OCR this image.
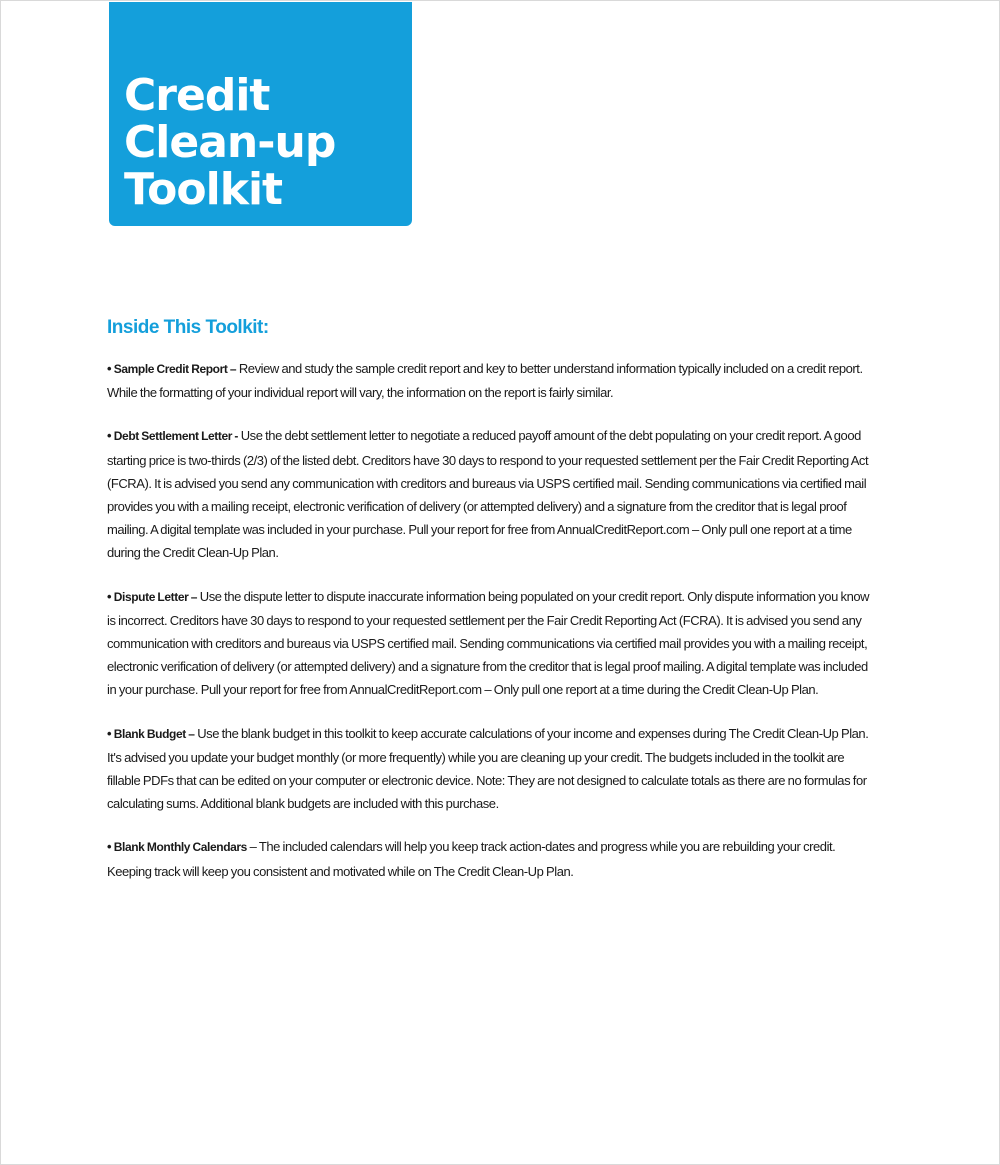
Credit
Clean-up
Toolkit
Inside This Toolkit:
• Sample Credit Report – Review and study the sample credit report and key to better understand information typically included on a credit report. While the formatting of your individual report will vary, the information on the report is fairly similar.
• Debt Settlement Letter - Use the debt settlement letter to negotiate a reduced payoff amount of the debt populating on your credit report. A good starting price is two-thirds (2/3) of the listed debt. Creditors have 30 days to respond to your requested settlement per the Fair Credit Reporting Act (FCRA). It is advised you send any communication with creditors and bureaus via USPS certified mail. Sending communications via certified mail provides you with a mailing receipt, electronic verification of delivery (or attempted delivery) and a signature from the creditor that is legal proof mailing. A digital template was included in your purchase. Pull your report for free from AnnualCreditReport.com – Only pull one report at a time during the Credit Clean-Up Plan.
• Dispute Letter – Use the dispute letter to dispute inaccurate information being populated on your credit report. Only dispute information you know is incorrect. Creditors have 30 days to respond to your requested settlement per the Fair Credit Reporting Act (FCRA). It is advised you send any communication with creditors and bureaus via USPS certified mail. Sending communications via certified mail provides you with a mailing receipt, electronic verification of delivery (or attempted delivery) and a signature from the creditor that is legal proof mailing. A digital template was included in your purchase. Pull your report for free from AnnualCreditReport.com – Only pull one report at a time during the Credit Clean-Up Plan.
• Blank Budget – Use the blank budget in this toolkit to keep accurate calculations of your income and expenses during The Credit Clean-Up Plan. It's advised you update your budget monthly (or more frequently) while you are cleaning up your credit. The budgets included in the toolkit are fillable PDFs that can be edited on your computer or electronic device. Note: They are not designed to calculate totals as there are no formulas for calculating sums. Additional blank budgets are included with this purchase.
• Blank Monthly Calendars – The included calendars will help you keep track action-dates and progress while you are rebuilding your credit. Keeping track will keep you consistent and motivated while on The Credit Clean-Up Plan.
